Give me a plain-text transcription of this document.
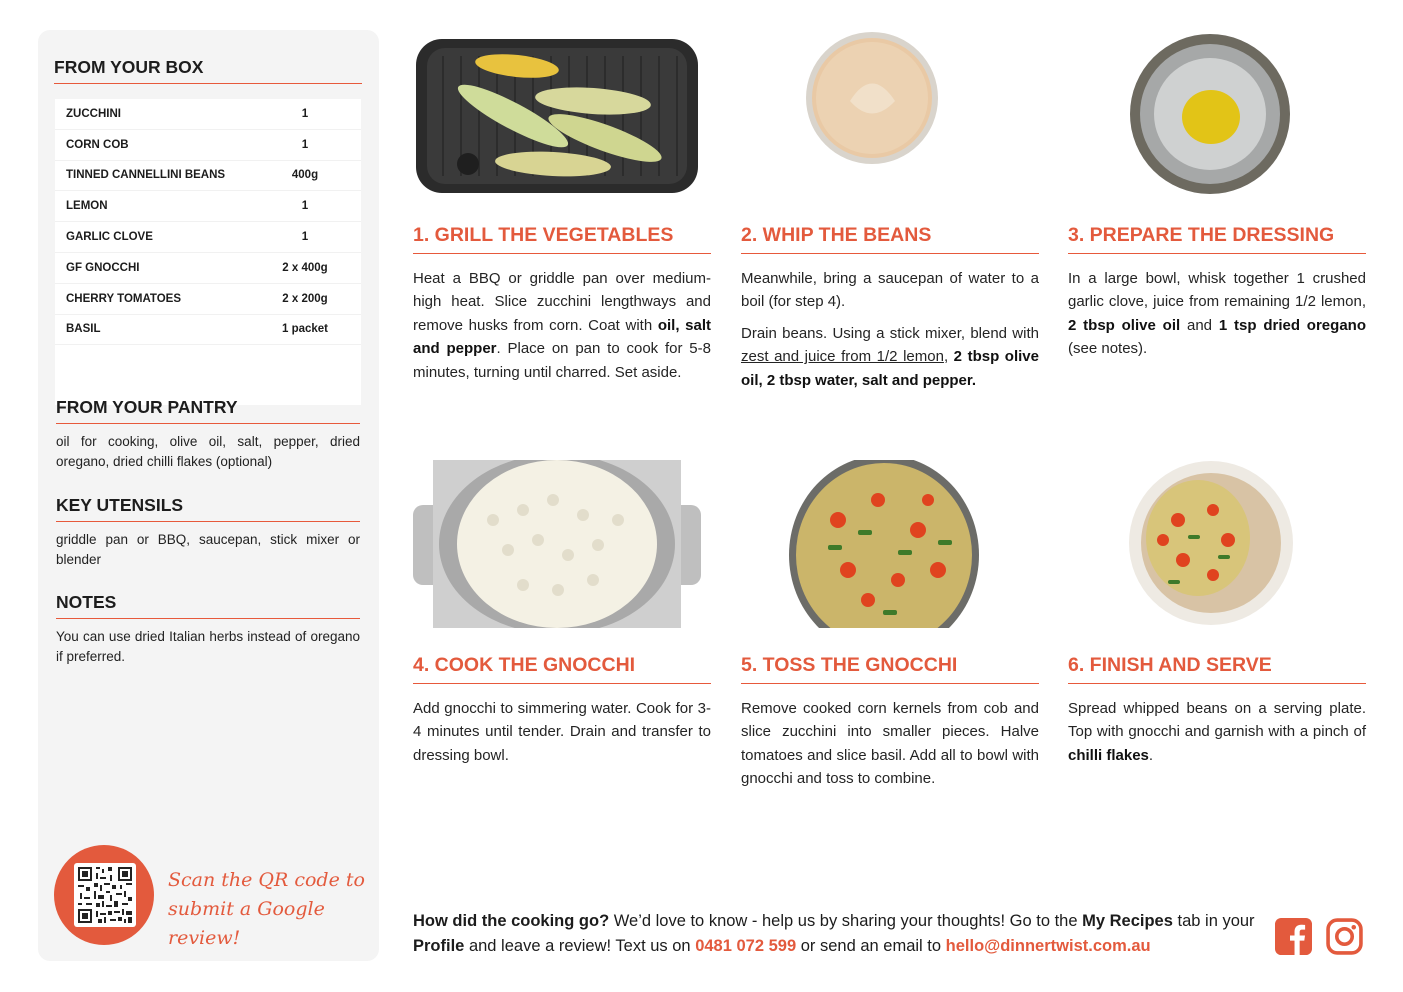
FROM YOUR BOX
ZUCCHINI	1
CORN COB	1
TINNED CANNELLINI BEANS	400g
LEMON	1
GARLIC CLOVE	1
GF GNOCCHI	2 x 400g
CHERRY TOMATOES	2 x 200g
BASIL	1 packet
FROM YOUR PANTRY
oil for cooking, olive oil, salt, pepper, dried oregano, dried chilli flakes (optional)
KEY UTENSILS
griddle pan or BBQ, saucepan, stick mixer or blender
NOTES
You can use dried Italian herbs instead of oregano if preferred.
Scan the QR code to
submit a Google review!
1. GRILL THE VEGETABLES

Heat a BBQ or griddle pan over medium-high heat. Slice zucchini lengthways and remove husks from corn. Coat with oil, salt and pepper. Place on pan to cook for 5-8 minutes, turning until charred. Set aside.

2. WHIP THE BEANS

Meanwhile, bring a saucepan of water to a boil (for step 4).

Drain beans. Using a stick mixer, blend with zest and juice from 1/2 lemon, 2 tbsp olive oil, 2 tbsp water, salt and pepper.

3. PREPARE THE DRESSING

In a large bowl, whisk together 1 crushed garlic clove, juice from remaining 1/2 lemon, 2 tbsp olive oil and 1 tsp dried oregano (see notes).

4. COOK THE GNOCCHI

Add gnocchi to simmering water. Cook for 3-4 minutes until tender. Drain and transfer to dressing bowl.

5. TOSS THE GNOCCHI

Remove cooked corn kernels from cob and slice zucchini into smaller pieces. Halve tomatoes and slice basil. Add all to bowl with gnocchi and toss to combine.

6. FINISH AND SERVE

Spread whipped beans on a serving plate. Top with gnocchi and garnish with a pinch of chilli flakes.

How did the cooking go? We’d love to know - help us by sharing your thoughts! Go to the My Recipes tab in your Profile and leave a review! Text us on 0481 072 599 or send an email to hello@dinnertwist.com.au
